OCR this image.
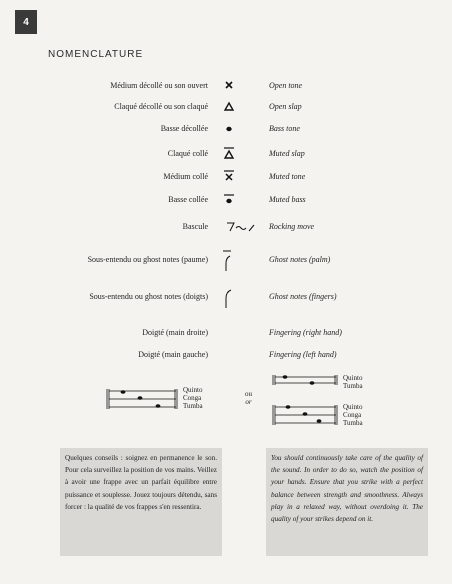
4
NOMENCLATURE
Médium décollé ou son ouvert	Open tone
Claqué décollé ou son claqué	Open slap
Basse décollée	Bass tone
Claqué collé	Muted slap
Médium collé	Muted tone
Basse collée	Muted bass
Bascule	Rocking move
Sous-entendu ou ghost notes (paume)	Ghost notes (palm)
Sous-entendu ou ghost notes (doigts)	Ghost notes (fingers)
Doigté (main droite)	Fingering (right hand)
Doigté (main gauche)	Fingering (left hand)
Quinto
Conga
Tumba
ou
or
Quinto
Tumba
Quinto
Conga
Tumba
Quelques conseils : soignez en permanence le son. Pour cela surveillez la position de vos mains. Veillez à avoir une frappe avec un parfait équilibre entre puissance et souplesse. Jouez toujours détendu, sans forcer : la qualité de vos frappes s'en ressentira.
You should continuously take care of the quality of the sound. In order to do so, watch the position of your hands. Ensure that you strike with a perfect balance between strength and smoothness. Always play in a relaxed way, without overdoing it. The quality of your strikes depend on it.
